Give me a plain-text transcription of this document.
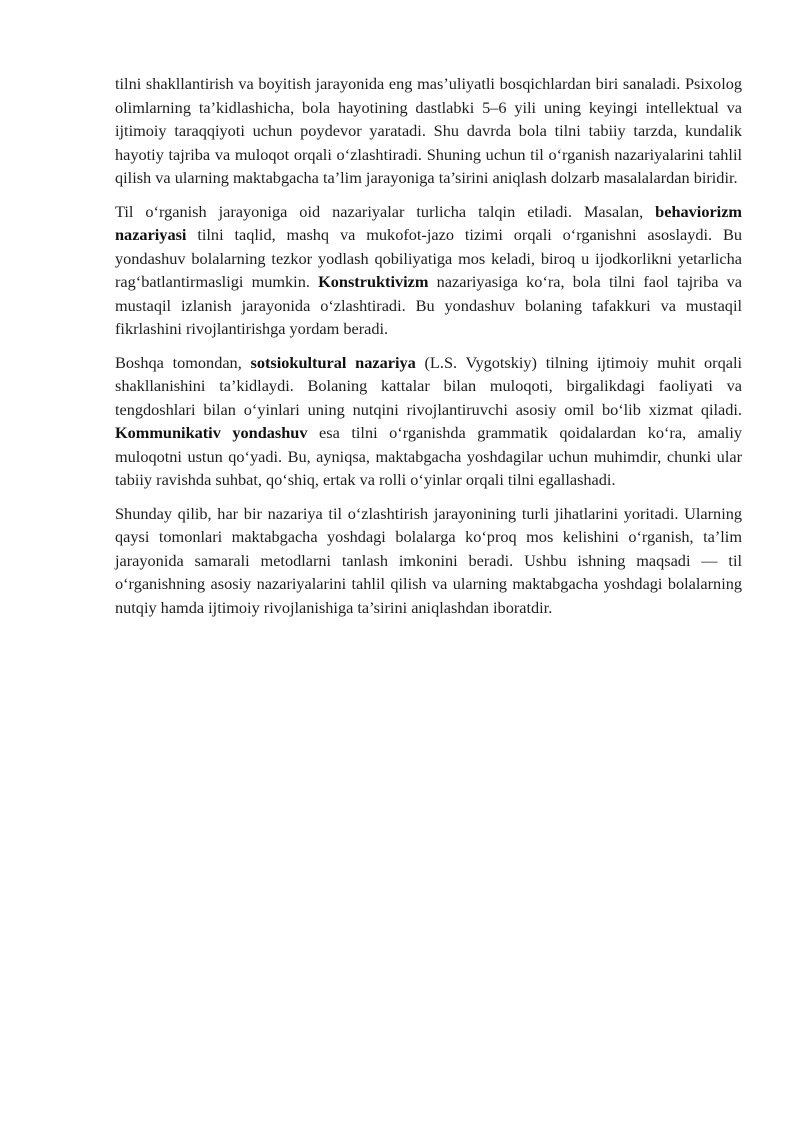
tilni shakllantirish va boyitish jarayonida eng mas’uliyatli bosqichlardan biri sanaladi. Psixolog olimlarning ta’kidlashicha, bola hayotining dastlabki 5–6 yili uning keyingi intellektual va ijtimoiy taraqqiyoti uchun poydevor yaratadi. Shu davrda bola tilni tabiiy tarzda, kundalik hayotiy tajriba va muloqot orqali o‘zlashtiradi. Shuning uchun til o‘rganish nazariyalarini tahlil qilish va ularning maktabgacha ta’lim jarayoniga ta’sirini aniqlash dolzarb masalalardan biridir.

Til o‘rganish jarayoniga oid nazariyalar turlicha talqin etiladi. Masalan, behaviorizm nazariyasi tilni taqlid, mashq va mukofot-jazo tizimi orqali o‘rganishni asoslaydi. Bu yondashuv bolalarning tezkor yodlash qobiliyatiga mos keladi, biroq u ijodkorlikni yetarlicha rag‘batlantirmasligi mumkin. Konstruktivizm nazariyasiga ko‘ra, bola tilni faol tajriba va mustaqil izlanish jarayonida o‘zlashtiradi. Bu yondashuv bolaning tafakkuri va mustaqil fikrlashini rivojlantirishga yordam beradi.

Boshqa tomondan, sotsiokultural nazariya (L.S. Vygotskiy) tilning ijtimoiy muhit orqali shakllanishini ta’kidlaydi. Bolaning kattalar bilan muloqoti, birgalikdagi faoliyati va tengdoshlari bilan o‘yinlari uning nutqini rivojlantiruvchi asosiy omil bo‘lib xizmat qiladi. Kommunikativ yondashuv esa tilni o‘rganishda grammatik qoidalardan ko‘ra, amaliy muloqotni ustun qo‘yadi. Bu, ayniqsa, maktabgacha yoshdagilar uchun muhimdir, chunki ular tabiiy ravishda suhbat, qo‘shiq, ertak va rolli o‘yinlar orqali tilni egallashadi.

Shunday qilib, har bir nazariya til o‘zlashtirish jarayonining turli jihatlarini yoritadi. Ularning qaysi tomonlari maktabgacha yoshdagi bolalarga ko‘proq mos kelishini o‘rganish, ta’lim jarayonida samarali metodlarni tanlash imkonini beradi. Ushbu ishning maqsadi — til o‘rganishning asosiy nazariyalarini tahlil qilish va ularning maktabgacha yoshdagi bolalarning nutqiy hamda ijtimoiy rivojlanishiga ta’sirini aniqlashdan iboratdir.
